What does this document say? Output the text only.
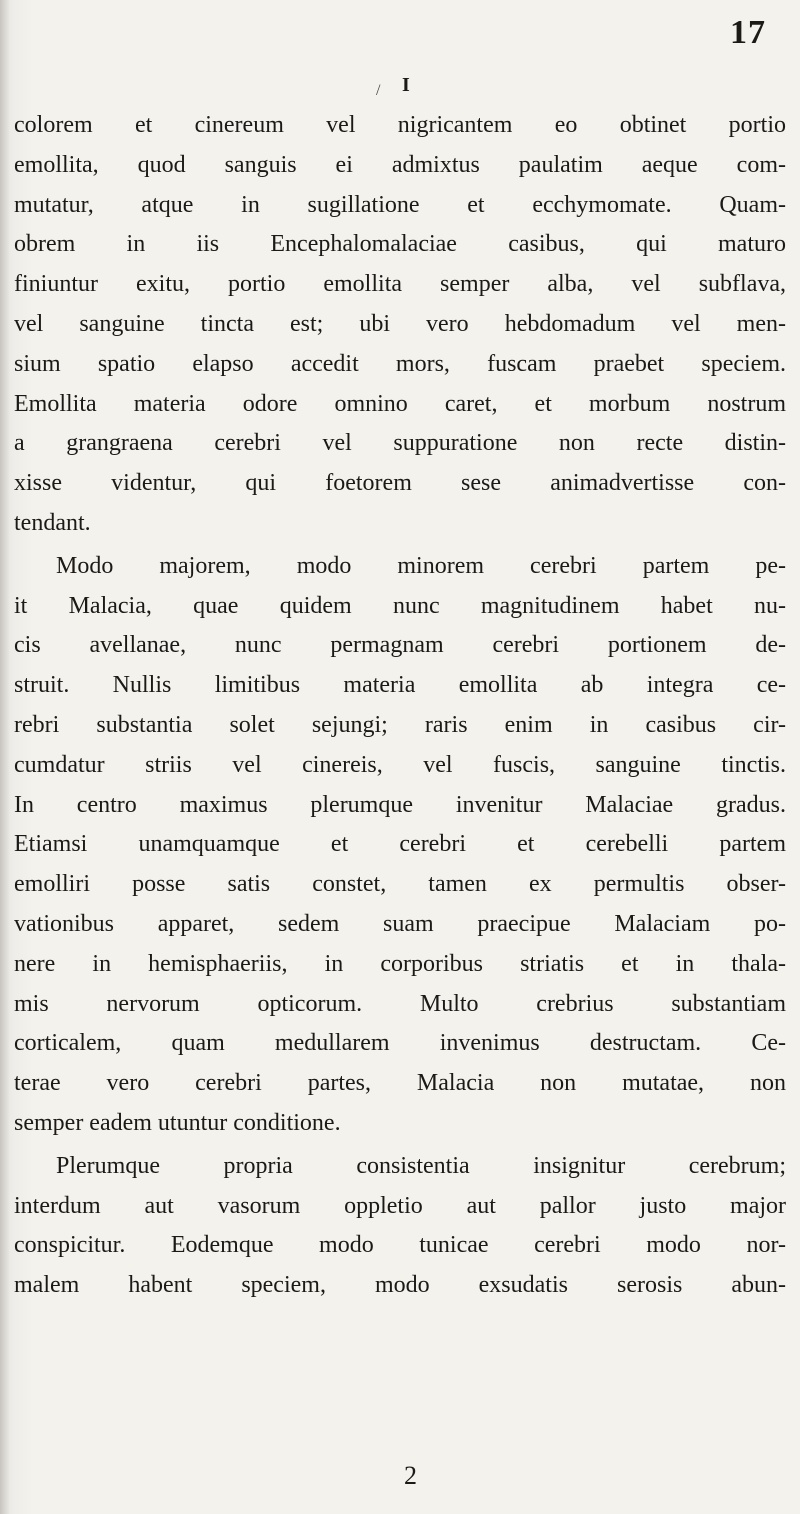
17
/ I
colorem et cinereum vel nigricantem eo obtinet portio
emollita, quod sanguis ei admixtus paulatim aeque com-
mutatur, atque in sugillatione et ecchymomate. Quam-
obrem in iis Encephalomalaciae casibus, qui maturo
finiuntur exitu, portio emollita semper alba, vel subflava,
vel sanguine tincta est; ubi vero hebdomadum vel men-
sium spatio elapso accedit mors, fuscam praebet speciem.
Emollita materia odore omnino caret, et morbum nostrum
a grangraena cerebri vel suppuratione non recte distin-
xisse videntur, qui foetorem sese animadvertisse con-
tendant.
Modo majorem, modo minorem cerebri partem pe-
it Malacia, quae quidem nunc magnitudinem habet nu-
cis avellanae, nunc permagnam cerebri portionem de-
struit. Nullis limitibus materia emollita ab integra ce-
rebri substantia solet sejungi; raris enim in casibus cir-
cumdatur striis vel cinereis, vel fuscis, sanguine tinctis.
In centro maximus plerumque invenitur Malaciae gradus.
Etiamsi unamquamque et cerebri et cerebelli partem
emolliri posse satis constet, tamen ex permultis obser-
vationibus apparet, sedem suam praecipue Malaciam po-
nere in hemisphaeriis, in corporibus striatis et in thala-
mis nervorum opticorum. Multo crebrius substantiam
corticalem, quam medullarem invenimus destructam. Ce-
terae vero cerebri partes, Malacia non mutatae, non
semper eadem utuntur conditione.
Plerumque propria consistentia insignitur cerebrum;
interdum aut vasorum oppletio aut pallor justo major
conspicitur. Eodemque modo tunicae cerebri modo nor-
malem habent speciem, modo exsudatis serosis abun-
2
